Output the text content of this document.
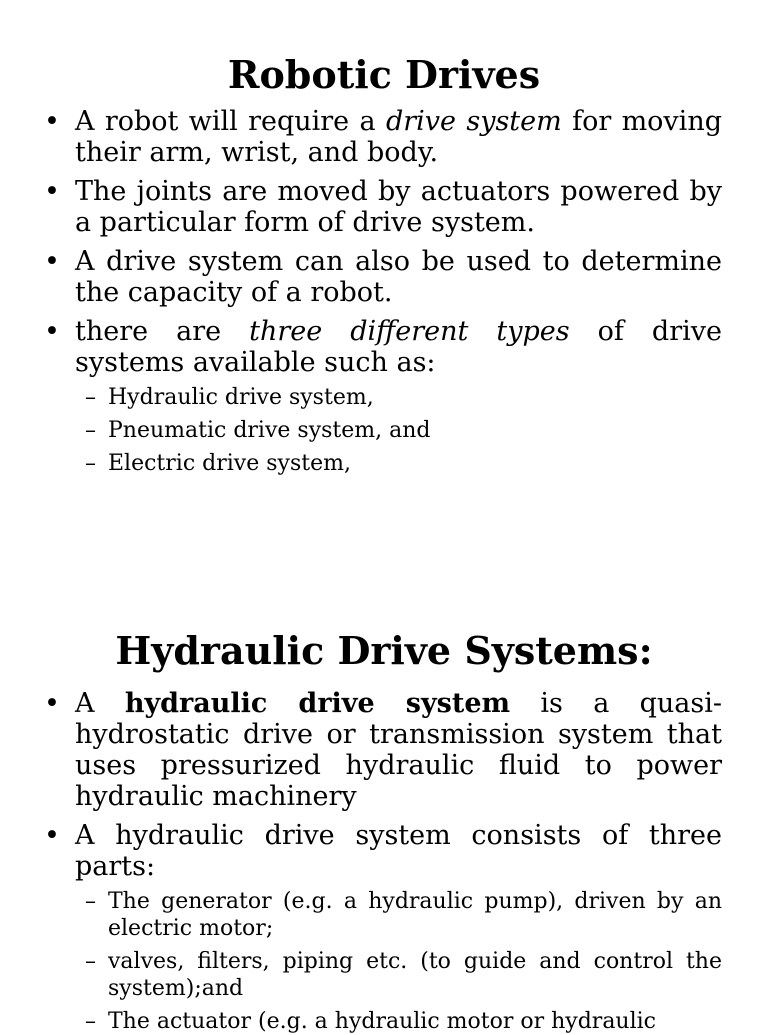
Robotic Drives
• A robot will require a drive system for moving their arm, wrist, and body.
• The joints are moved by actuators powered by a particular form of drive system.
• A drive system can also be used to determine the capacity of a robot.
• there are three different types of drive systems available such as:
– Hydraulic drive system,
– Pneumatic drive system, and
– Electric drive system,
Hydraulic Drive Systems:
• A hydraulic drive system is a quasi-hydrostatic drive or transmission system that uses pressurized hydraulic fluid to power hydraulic machinery
• A hydraulic drive system consists of three parts:
– The generator (e.g. a hydraulic pump), driven by an electric motor;
– valves, filters, piping etc. (to guide and control the system);and
– The actuator (e.g. a hydraulic motor or hydraulic
